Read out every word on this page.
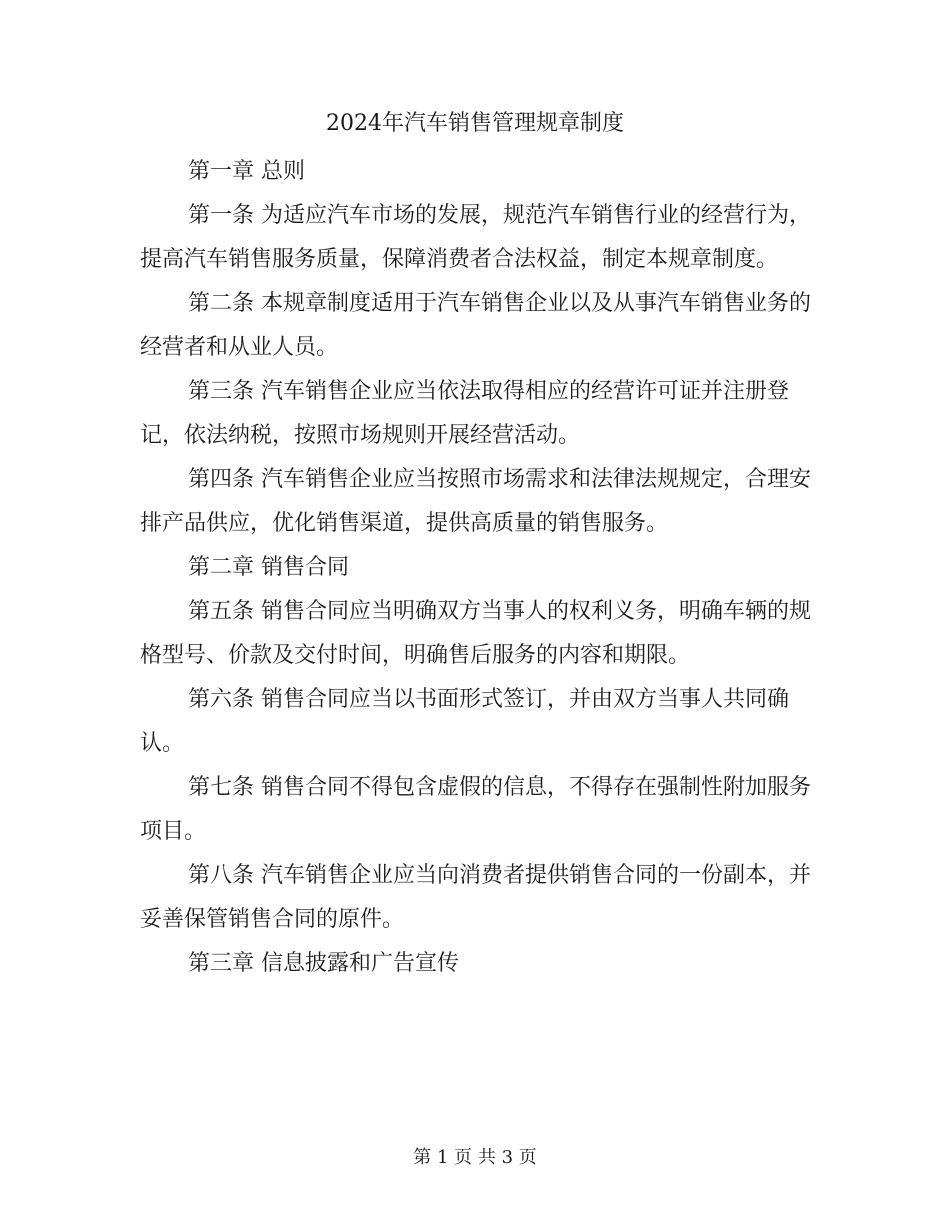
2024年汽车销售管理规章制度

第一章 总则

第一条 为适应汽车市场的发展，规范汽车销售行业的经营行为，提高汽车销售服务质量，保障消费者合法权益，制定本规章制度。

第二条 本规章制度适用于汽车销售企业以及从事汽车销售业务的经营者和从业人员。

第三条 汽车销售企业应当依法取得相应的经营许可证并注册登记，依法纳税，按照市场规则开展经营活动。

第四条 汽车销售企业应当按照市场需求和法律法规规定，合理安排产品供应，优化销售渠道，提供高质量的销售服务。

第二章 销售合同

第五条 销售合同应当明确双方当事人的权利义务，明确车辆的规格型号、价款及交付时间，明确售后服务的内容和期限。

第六条 销售合同应当以书面形式签订，并由双方当事人共同确认。

第七条 销售合同不得包含虚假的信息，不得存在强制性附加服务项目。

第八条 汽车销售企业应当向消费者提供销售合同的一份副本，并妥善保管销售合同的原件。

第三章 信息披露和广告宣传

第 1 页 共 3 页
